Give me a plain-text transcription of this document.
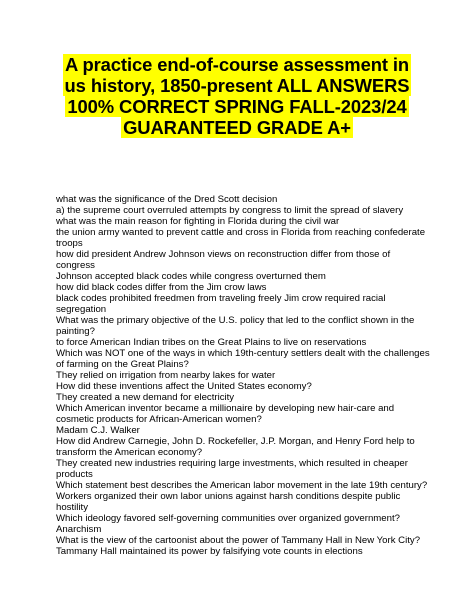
A practice end-of-course assessment in
us history, 1850-present ALL ANSWERS
100% CORRECT SPRING FALL-2023/24
GUARANTEED GRADE A+
what was the significance of the Dred Scott decision
a) the supreme court overruled attempts by congress to limit the spread of slavery
what was the main reason for fighting in Florida during the civil war
the union army wanted to prevent cattle and cross in Florida from reaching confederate
troops
how did president Andrew Johnson views on reconstruction differ from those of
congress
Johnson accepted black codes while congress overturned them
how did black codes differ from the Jim crow laws
black codes prohibited freedmen from traveling freely Jim crow required racial
segregation
What was the primary objective of the U.S. policy that led to the conflict shown in the
painting?
to force American Indian tribes on the Great Plains to live on reservations
Which was NOT one of the ways in which 19th-century settlers dealt with the challenges
of farming on the Great Plains?
They relied on irrigation from nearby lakes for water
How did these inventions affect the United States economy?
They created a new demand for electricity
Which American inventor became a millionaire by developing new hair-care and
cosmetic products for African-American women?
Madam C.J. Walker
How did Andrew Carnegie, John D. Rockefeller, J.P. Morgan, and Henry Ford help to
transform the American economy?
They created new industries requiring large investments, which resulted in cheaper
products
Which statement best describes the American labor movement in the late 19th century?
Workers organized their own labor unions against harsh conditions despite public
hostility
Which ideology favored self-governing communities over organized government?
Anarchism
What is the view of the cartoonist about the power of Tammany Hall in New York City?
Tammany Hall maintained its power by falsifying vote counts in elections
